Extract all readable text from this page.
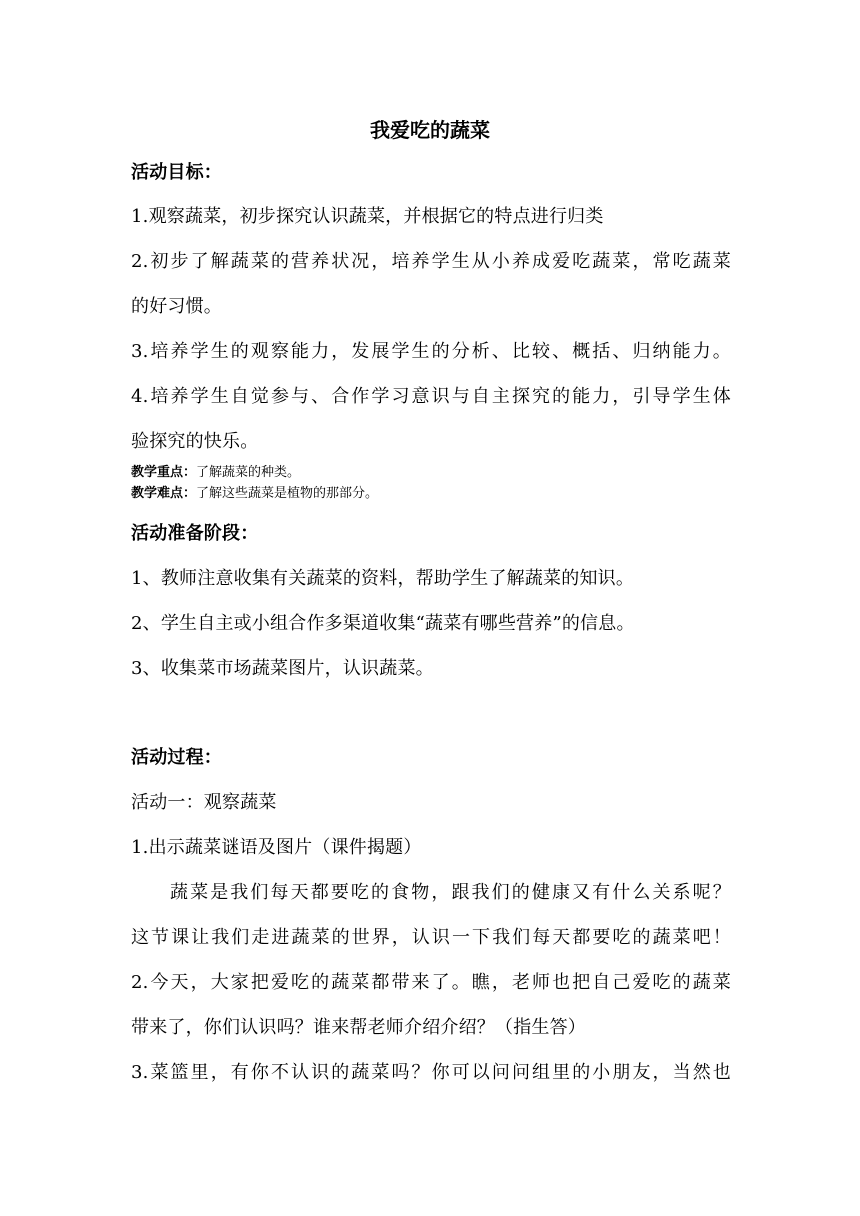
我爱吃的蔬菜
活动目标：
1.观察蔬菜，初步探究认识蔬菜，并根据它的特点进行归类
2.初步了解蔬菜的营养状况，培养学生从小养成爱吃蔬菜，常吃蔬菜
的好习惯。
3.培养学生的观察能力，发展学生的分析、比较、概括、归纳能力。
4.培养学生自觉参与、合作学习意识与自主探究的能力，引导学生体
验探究的快乐。
教学重点：了解蔬菜的种类。
教学难点：了解这些蔬菜是植物的那部分。
活动准备阶段：
1、教师注意收集有关蔬菜的资料，帮助学生了解蔬菜的知识。
2、学生自主或小组合作多渠道收集“蔬菜有哪些营养”的信息。
3、收集菜市场蔬菜图片，认识蔬菜。
活动过程：
活动一：观察蔬菜
1.出示蔬菜谜语及图片（课件揭题）
蔬菜是我们每天都要吃的食物，跟我们的健康又有什么关系呢？
这节课让我们走进蔬菜的世界，认识一下我们每天都要吃的蔬菜吧！
2.今天，大家把爱吃的蔬菜都带来了。瞧，老师也把自己爱吃的蔬菜
带来了，你们认识吗？谁来帮老师介绍介绍？（指生答）
3.菜篮里，有你不认识的蔬菜吗？你可以问问组里的小朋友，当然也
